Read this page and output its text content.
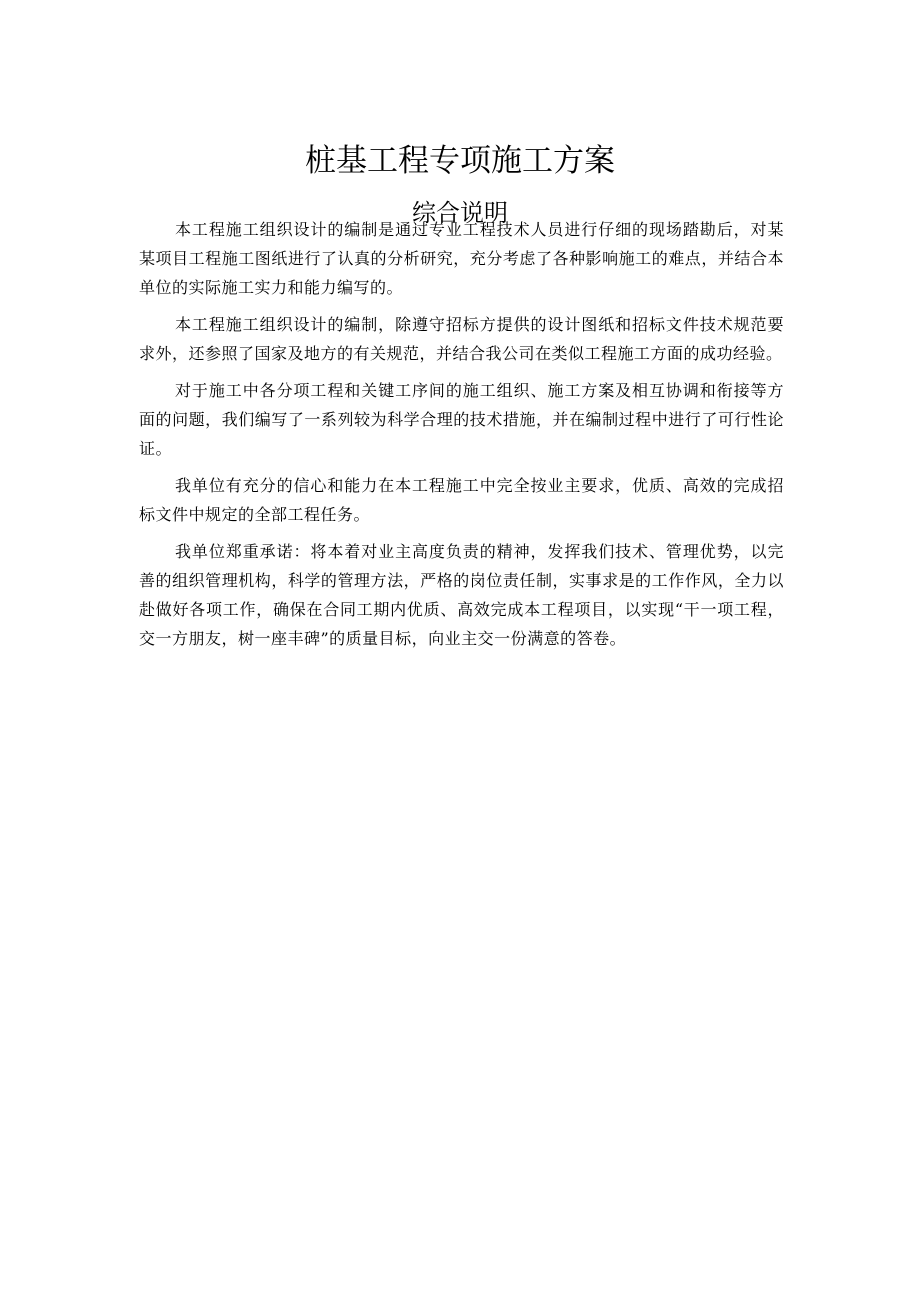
桩基工程专项施工方案
综合说明

本工程施工组织设计的编制是通过专业工程技术人员进行仔细的现场踏勘后，对某某项目工程施工图纸进行了认真的分析研究，充分考虑了各种影响施工的难点，并结合本单位的实际施工实力和能力编写的。

本工程施工组织设计的编制，除遵守招标方提供的设计图纸和招标文件技术规范要求外，还参照了国家及地方的有关规范，并结合我公司在类似工程施工方面的成功经验。

对于施工中各分项工程和关键工序间的施工组织、施工方案及相互协调和衔接等方面的问题，我们编写了一系列较为科学合理的技术措施，并在编制过程中进行了可行性论证。

我单位有充分的信心和能力在本工程施工中完全按业主要求，优质、高效的完成招标文件中规定的全部工程任务。

我单位郑重承诺：将本着对业主高度负责的精神，发挥我们技术、管理优势，以完善的组织管理机构，科学的管理方法，严格的岗位责任制，实事求是的工作作风，全力以赴做好各项工作，确保在合同工期内优质、高效完成本工程项目，以实现“干一项工程，交一方朋友，树一座丰碑”的质量目标，向业主交一份满意的答卷。
